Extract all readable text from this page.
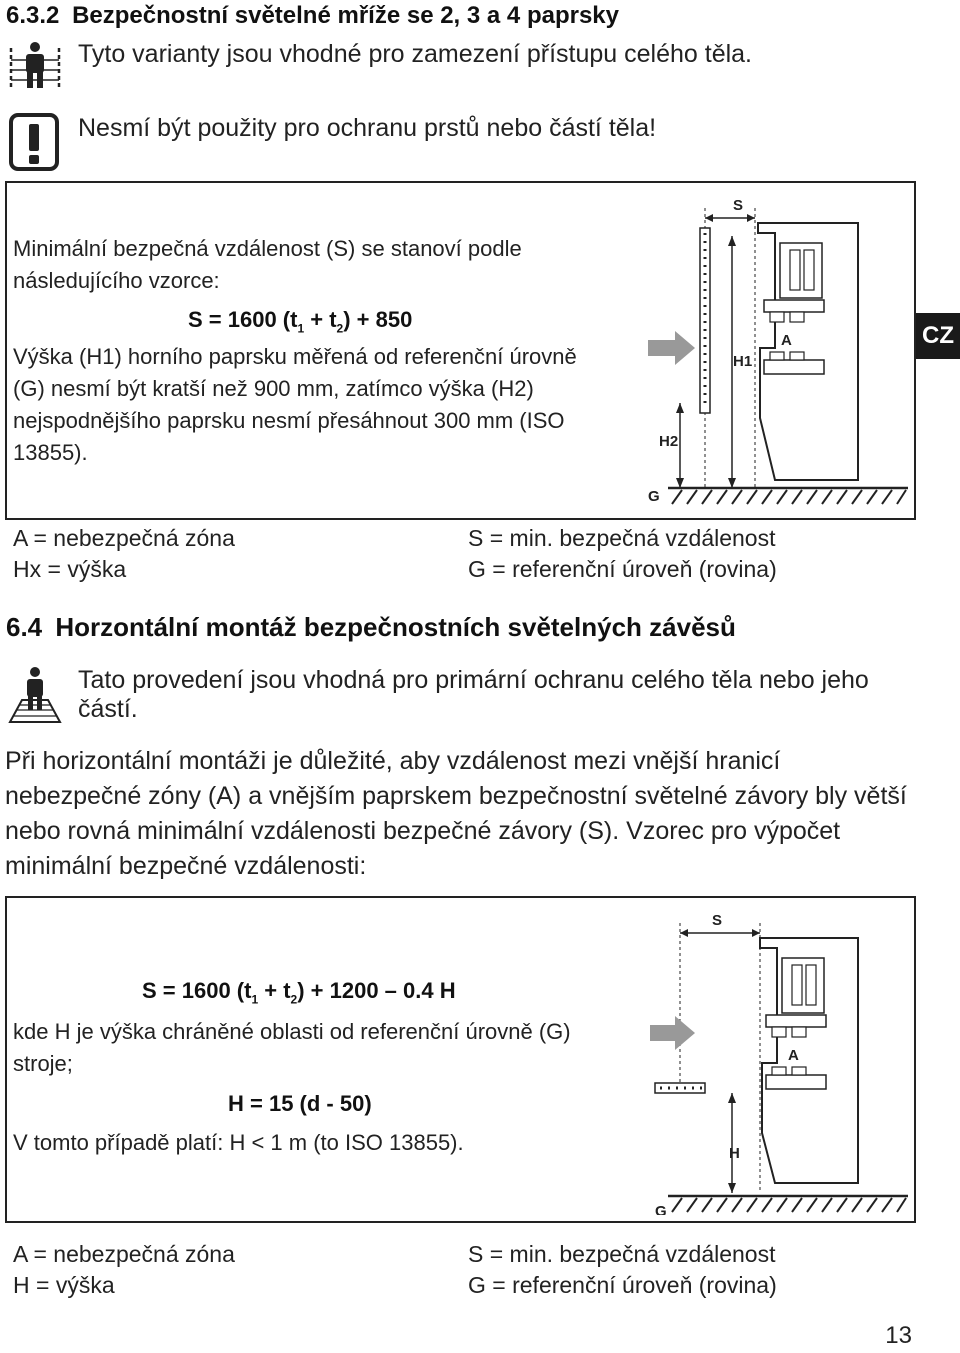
6.3.2 Bezpečnostní světelné mříže se 2, 3 a 4 paprsky
Tyto varianty jsou vhodné pro zamezení přístupu celého těla.
Nesmí být použity pro ochranu prstů nebo částí těla!
Minimální bezpečná vzdálenost (S) se stanoví podle následujícího vzorce:
S = 1600 $(t_1 + t_2) + 850$
Výška (H1) horního paprsku měřená od referenční úrovně (G) nesmí být kratší než 900 mm, zatímco výška (H2) nejspodnějšího paprsku nesmí přesáhnout 300 mm (ISO 13855).
S
H1
H2
A
G
A = nebezpečná zóna
Hx = výška
S = min. bezpečná vzdálenost
G = referenční úroveň (rovina)
6.4 Horzontální montáž bezpečnostních světelných závěsů
Tato provedení jsou vhodná pro primární ochranu celého těla nebo jeho částí.
Při horizontální montáži je důležité, aby vzdálenost mezi vnější hranicí nebezpečné zóny (A) a vnějším paprskem bezpečnostní světelné závory bly větší nebo rovná minimální vzdálenosti bezpečné závory (S). Vzorec pro výpočet minimální bezpečné vzdálenosti:
S = 1600 $(t_1 + t_2) + 1200 - 0.4$ H
kde H je výška chráněné oblasti od referenční úrovně (G) stroje;
H = 15 (d - 50)
V tomto případě platí: H < 1 m (to ISO 13855).
S
H
A
G
A = nebezpečná zóna
H = výška
S = min. bezpečná vzdálenost
G = referenční úroveň (rovina)
CZ
13
